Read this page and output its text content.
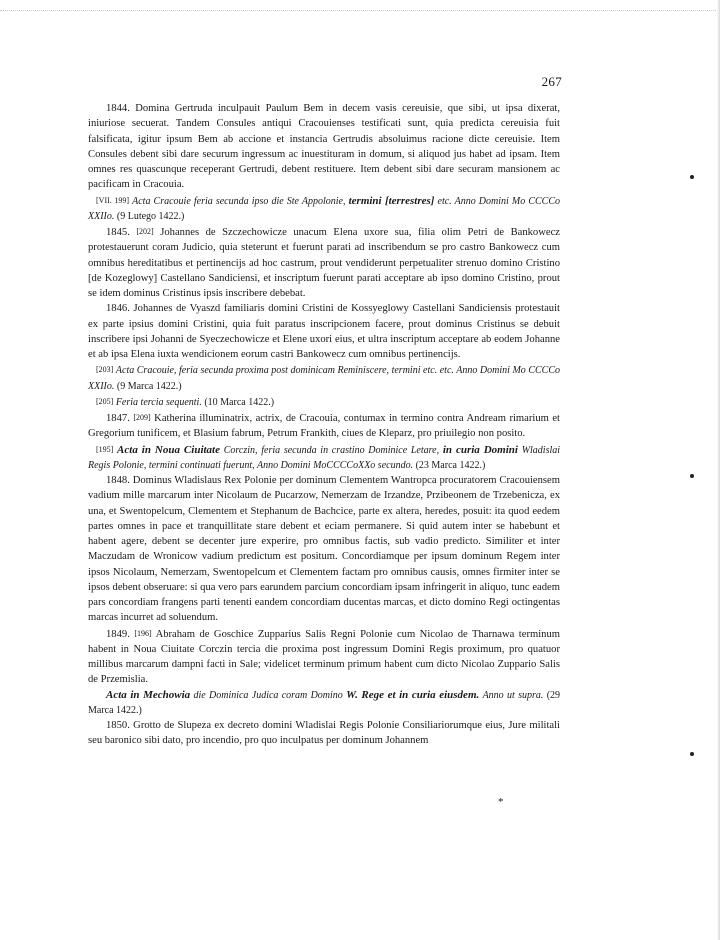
267

1844. Domina Gertruda inculpauit Paulum Bem in decem vasis cereuisie, que sibi, ut ipsa dixerat, iniuriose secuerat. Tandem Consules antiqui Cracouienses testificati sunt, quia predicta cereuisia fuit falsificata, igitur ipsum Bem ab accione et instancia Gertrudis absoluimus racione dicte cereuisie. Item Consules debent sibi dare securum ingressum ac inuestituram in domum, si aliquod jus habet ad ipsam. Item omnes res quascunque receperant Gertrudi, debent restituere. Item debent sibi dare securam mansionem ac pacificam in Cracouia.

[VII. 199] Acta Cracouie feria secunda ipso die Ste Appolonie, termini [terrestres] etc. Anno Domini Mo CCCCo XXIIo. (9 Lutego 1422.)

1845. [202] Johannes de Szczechowicze unacum Elena uxore sua, filia olim Petri de Bankowecz protestauerunt coram Judicio, quia steterunt et fuerunt parati ad inscribendum se pro castro Bankowecz cum omnibus hereditatibus et pertinencijs ad hoc castrum, prout vendiderunt perpetualiter strenuo domino Cristino [de Kozeglowy] Castellano Sandiciensi, et inscriptum fuerunt parati acceptare ab ipso domino Cristino, prout se idem dominus Cristinus ipsis inscribere debebat.

1846. Johannes de Vyaszd familiaris domini Cristini de Kossyeglowy Castellani Sandiciensis protestauit ex parte ipsius domini Cristini, quia fuit paratus inscripcionem facere, prout dominus Cristinus se debuit inscribere ipsi Johanni de Syeczechowicze et Elene uxori eius, et ultra inscriptum acceptare ab eodem Johanne et ab ipsa Elena iuxta wendicionem eorum castri Bankowecz cum omnibus pertinencijs.

[203] Acta Cracouie, feria secunda proxima post dominicam Reminiscere, termini etc. etc. Anno Domini Mo CCCCo XXIIo. (9 Marca 1422.)

[205] Feria tercia sequenti. (10 Marca 1422.)

1847. [209] Katherina illuminatrix, actrix, de Cracouia, contumax in termino contra Andream rimarium et Gregorium tunificem, et Blasium fabrum, Petrum Frankith, ciues de Kleparz, pro priuilegio non posito.

[195] Acta in Noua Ciuitate Corczin, feria secunda in crastino Dominice Letare, in curia Domini Wladislai Regis Polonie, termini continuati fuerunt, Anno Domini MoCCCCoXXo secundo. (23 Marca 1422.)

1848. Dominus Wladislaus Rex Polonie per dominum Clementem Wantropca procuratorem Cracouiensem vadium mille marcarum inter Nicolaum de Pucarzow, Nemerzam de Irzandze, Przibeonem de Trzebenicza, ex una, et Swentopelcum, Clementem et Stephanum de Bachcice, parte ex altera, heredes, posuit: ita quod eedem partes omnes in pace et tranquillitate stare debent et eciam permanere. Si quid autem inter se habebunt et habent agere, debent se decenter jure experire, pro omnibus factis, sub vadio predicto. Similiter et inter Maczudam de Wronicow vadium predictum est positum. Concordiamque per ipsum dominum Regem inter ipsos Nicolaum, Nemerzam, Swentopelcum et Clementem factam pro omnibus causis, omnes firmiter inter se ipsos debent obseruare: si qua vero pars earundem parcium concordiam ipsam infringerit in aliquo, tunc eadem pars concordiam frangens parti tenenti eandem concordiam ducentas marcas, et dicto domino Regi octingentas marcas incurret ad soluendum.

1849. [196] Abraham de Goschice Zupparius Salis Regni Polonie cum Nicolao de Tharnawa terminum habent in Noua Ciuitate Corczin tercia die proxima post ingressum Domini Regis proximum, pro quatuor millibus marcarum dampni facti in Sale; videlicet terminum primum habent cum dicto Nicolao Zuppario Salis de Przemislia.

Acta in Mechowia die Dominica Judica coram Domino W. Rege et in curia eiusdem. Anno ut supra. (29 Marca 1422.)

1850. Grotto de Slupeza ex decreto domini Wladislai Regis Polonie Consiliariorumque eius, Jure militali seu baronico sibi dato, pro incendio, pro quo inculpatus per dominum Johannem

*
